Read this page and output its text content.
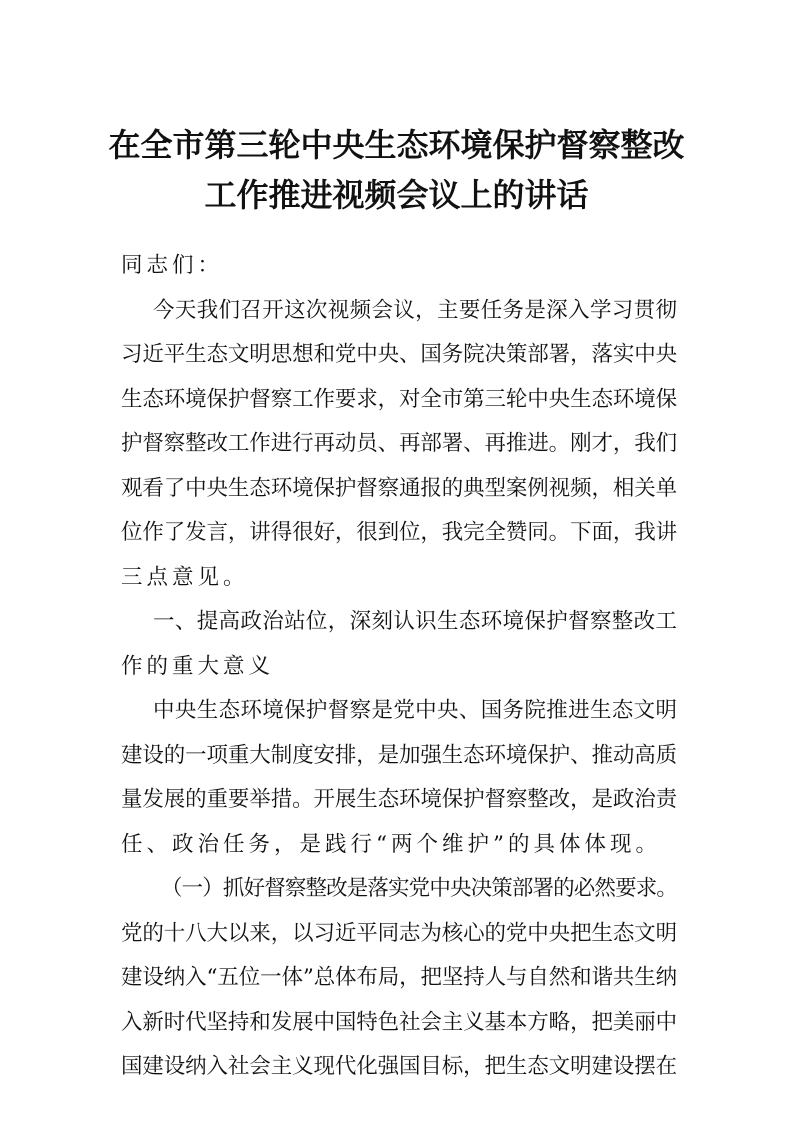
在全市第三轮中央生态环境保护督察整改
工作推进视频会议上的讲话
同志们：
今天我们召开这次视频会议，主要任务是深入学习贯彻
习近平生态文明思想和党中央、国务院决策部署，落实中央
生态环境保护督察工作要求，对全市第三轮中央生态环境保
护督察整改工作进行再动员、再部署、再推进。刚才，我们
观看了中央生态环境保护督察通报的典型案例视频，相关单
位作了发言，讲得很好，很到位，我完全赞同。下面，我讲
三点意见。
一、提高政治站位，深刻认识生态环境保护督察整改工
作的重大意义
中央生态环境保护督察是党中央、国务院推进生态文明
建设的一项重大制度安排，是加强生态环境保护、推动高质
量发展的重要举措。开展生态环境保护督察整改，是政治责
任、政治任务，是践行“两个维护”的具体体现。
（一）抓好督察整改是落实党中央决策部署的必然要求。
党的十八大以来，以习近平同志为核心的党中央把生态文明
建设纳入“五位一体”总体布局，把坚持人与自然和谐共生纳
入新时代坚持和发展中国特色社会主义基本方略，把美丽中
国建设纳入社会主义现代化强国目标，把生态文明建设摆在
